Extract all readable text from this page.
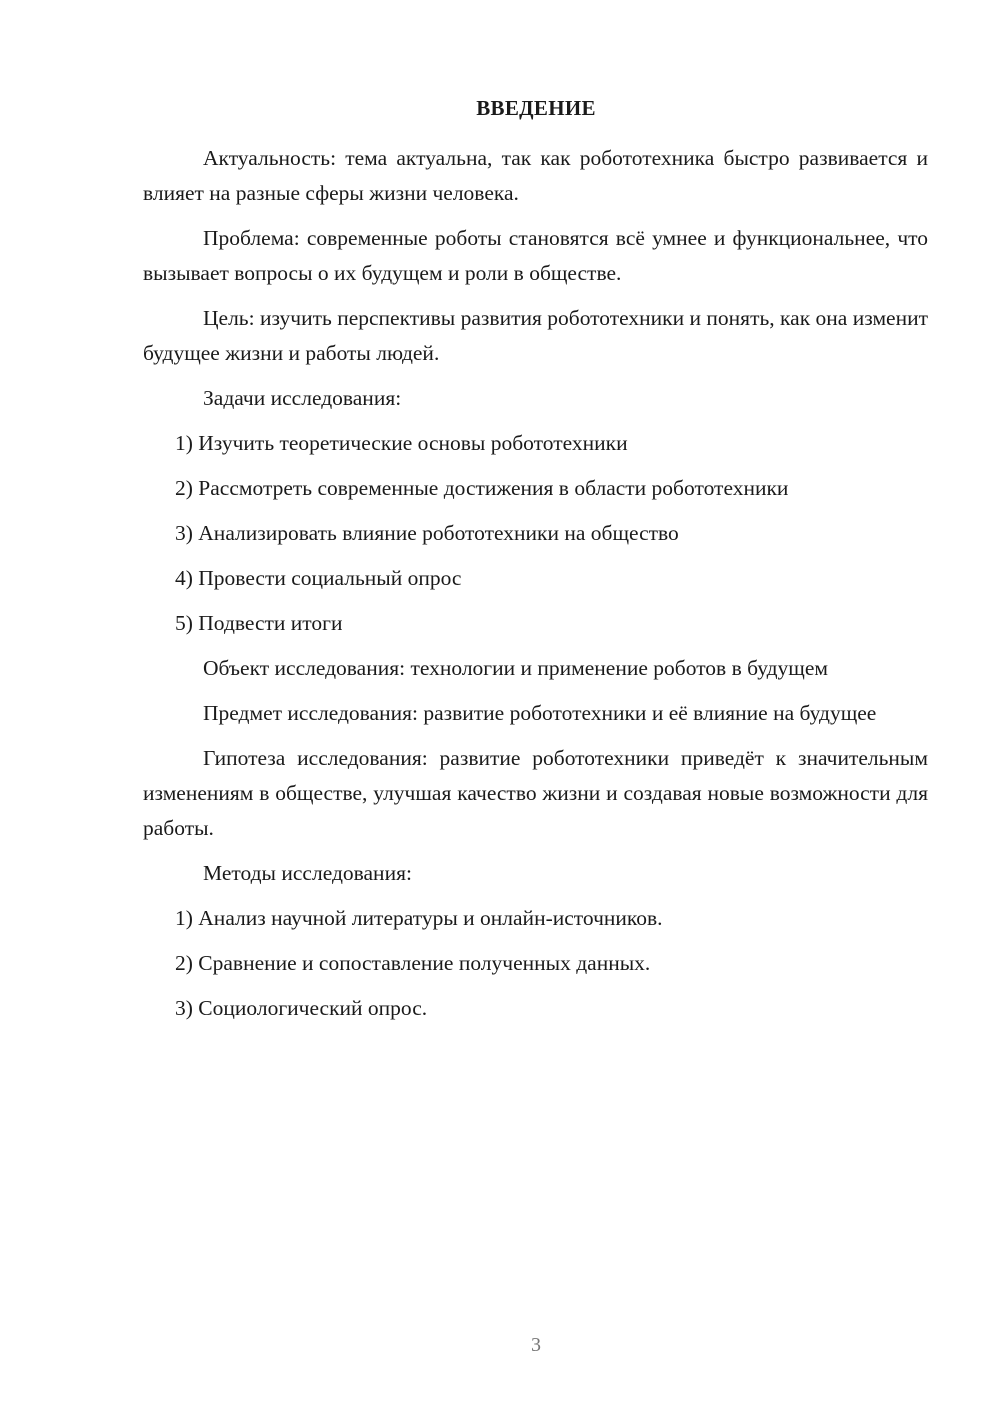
ВВЕДЕНИЕ

Актуальность: тема актуальна, так как робототехника быстро развивается и влияет на разные сферы жизни человека.

Проблема: современные роботы становятся всё умнее и функциональнее, что вызывает вопросы о их будущем и роли в обществе.

Цель: изучить перспективы развития робототехники и понять, как она изменит будущее жизни и работы людей.

Задачи исследования:

1) Изучить теоретические основы робототехники
2) Рассмотреть современные достижения в области робототехники
3) Анализировать влияние робототехники на общество
4) Провести социальный опрос
5) Подвести итоги

Объект исследования: технологии и применение роботов в будущем

Предмет исследования: развитие робототехники и её влияние на будущее

Гипотеза исследования: развитие робототехники приведёт к значительным изменениям в обществе, улучшая качество жизни и создавая новые возможности для работы.

Методы исследования:

1) Анализ научной литературы и онлайн-источников.
2) Сравнение и сопоставление полученных данных.
3) Социологический опрос.
3
